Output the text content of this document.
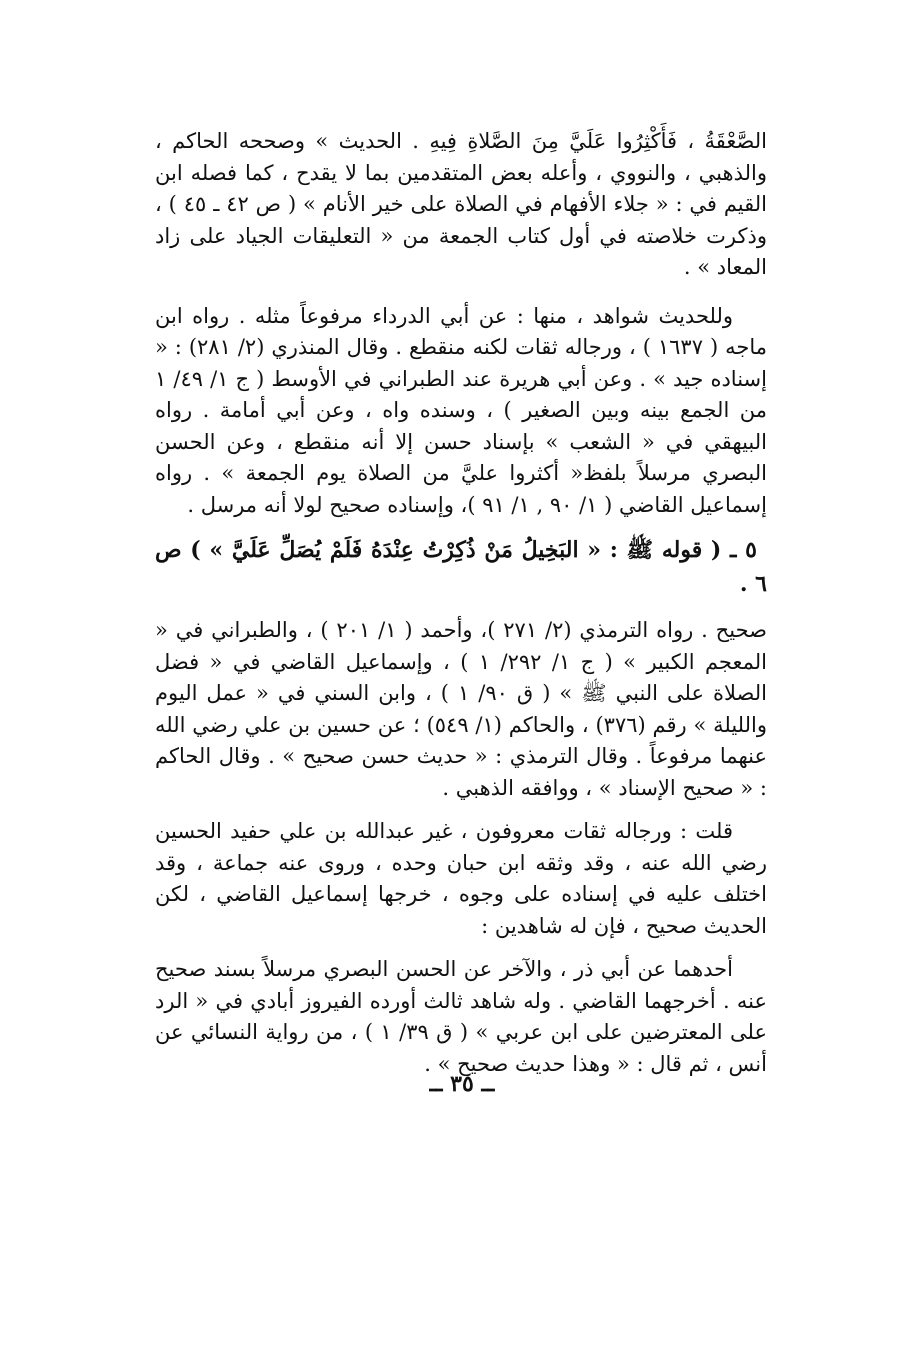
الصَّعْقَةُ ، فَأَكْثِرُوا عَلَيَّ مِنَ الصَّلاةِ فِيهِ . الحديث » وصححه الحاكم ، والذهبي ، والنووي ، وأعله بعض المتقدمين بما لا يقدح ، كما فصله ابن القيم في : « جلاء الأفهام في الصلاة على خير الأنام » ( ص ٤٢ ـ ٤٥ ) ، وذكرت خلاصته في أول كتاب الجمعة من « التعليقات الجياد على زاد المعاد » .

وللحديث شواهد ، منها : عن أبي الدرداء مرفوعاً مثله . رواه ابن ماجه ( ١٦٣٧ ) ، ورجاله ثقات لكنه منقطع . وقال المنذري (٢/ ٢٨١) : « إسناده جيد » . وعن أبي هريرة عند الطبراني في الأوسط ( ج ١/ ٤٩/ ١ من الجمع بينه وبين الصغير ) ، وسنده واه ، وعن أبي أمامة . رواه البيهقي في « الشعب » بإسناد حسن إلا أنه منقطع ، وعن الحسن البصري مرسلاً بلفظ« أكثروا عليَّ من الصلاة يوم الجمعة » . رواه إسماعيل القاضي ( ١/ ٩٠ , ١/ ٩١ )، وإسناده صحيح لولا أنه مرسل .

٥ ـ ( قوله ﷺ : « البَخِيلُ مَنْ ذُكِرْتُ عِنْدَهُ فَلَمْ يُصَلِّ عَلَيَّ » ) ص ٦ .

صحيح . رواه الترمذي (٢/ ٢٧١ )، وأحمد ( ١/ ٢٠١ ) ، والطبراني في « المعجم الكبير » ( ج ١/ ٢٩٢/ ١ ) ، وإسماعيل القاضي في « فضل الصلاة على النبي ﷺ » ( ق ٩٠/ ١ ) ، وابن السني في « عمل اليوم والليلة » رقم (٣٧٦) ، والحاكم (١/ ٥٤٩) ؛ عن حسين بن علي رضي الله عنهما مرفوعاً . وقال الترمذي : « حديث حسن صحيح » . وقال الحاكم : « صحيح الإسناد » ، ووافقه الذهبي .

قلت : ورجاله ثقات معروفون ، غير عبدالله بن علي حفيد الحسين رضي الله عنه ، وقد وثقه ابن حبان وحده ، وروى عنه جماعة ، وقد اختلف عليه في إسناده على وجوه ، خرجها إسماعيل القاضي ، لكن الحديث صحيح ، فإن له شاهدين :

أحدهما عن أبي ذر ، والآخر عن الحسن البصري مرسلاً بسند صحيح عنه . أخرجهما القاضي . وله شاهد ثالث أورده الفيروز أبادي في « الرد على المعترضين على ابن عربي » ( ق ٣٩/ ١ ) ، من رواية النسائي عن أنس ، ثم قال : « وهذا حديث صحيح » .

ــ ٣٥ ــ
